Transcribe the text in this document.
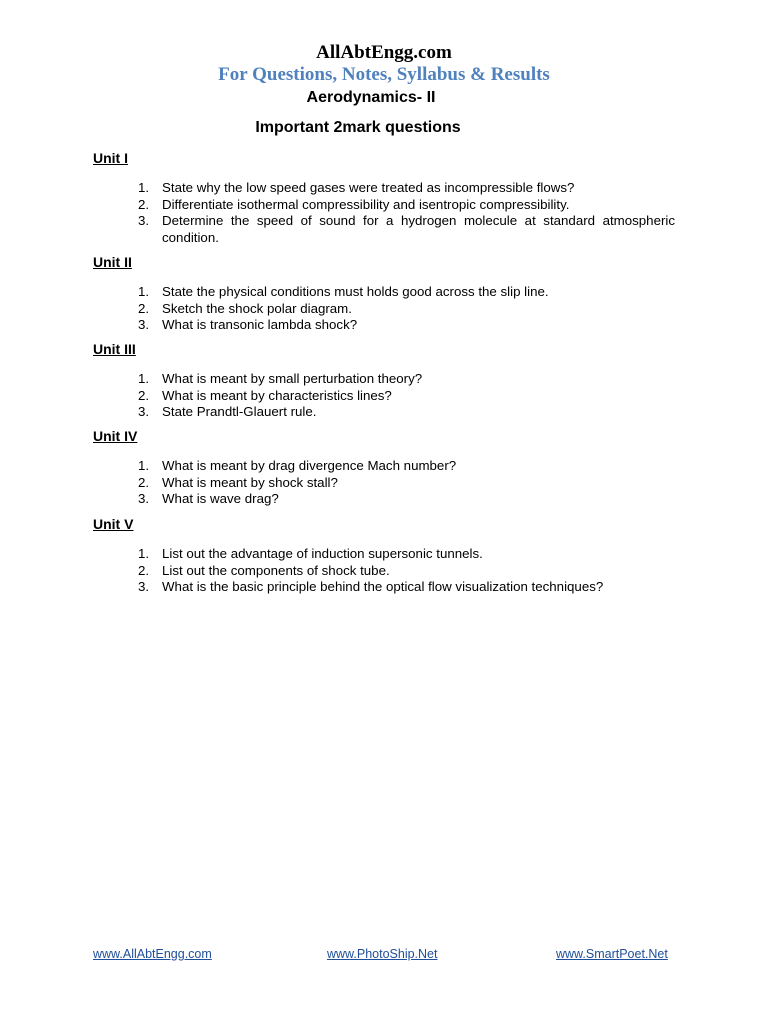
AllAbtEngg.com
For Questions, Notes, Syllabus & Results
Aerodynamics- II
Important 2mark questions
Unit I
1. State why the low speed gases were treated as incompressible flows?
2. Differentiate isothermal compressibility and isentropic compressibility.
3. Determine the speed of sound for a hydrogen molecule at standard atmospheric condition.
Unit II
1. State the physical conditions must holds good across the slip line.
2. Sketch the shock polar diagram.
3. What is transonic lambda shock?
Unit III
1. What is meant by small perturbation theory?
2. What is meant by characteristics lines?
3. State Prandtl-Glauert rule.
Unit IV
1. What is meant by drag divergence Mach number?
2. What is meant by shock stall?
3. What is wave drag?
Unit V
1. List out the advantage of induction supersonic tunnels.
2. List out the components of shock tube.
3. What is the basic principle behind the optical flow visualization techniques?
www.AllAbtEngg.com	www.PhotoShip.Net	www.SmartPoet.Net
